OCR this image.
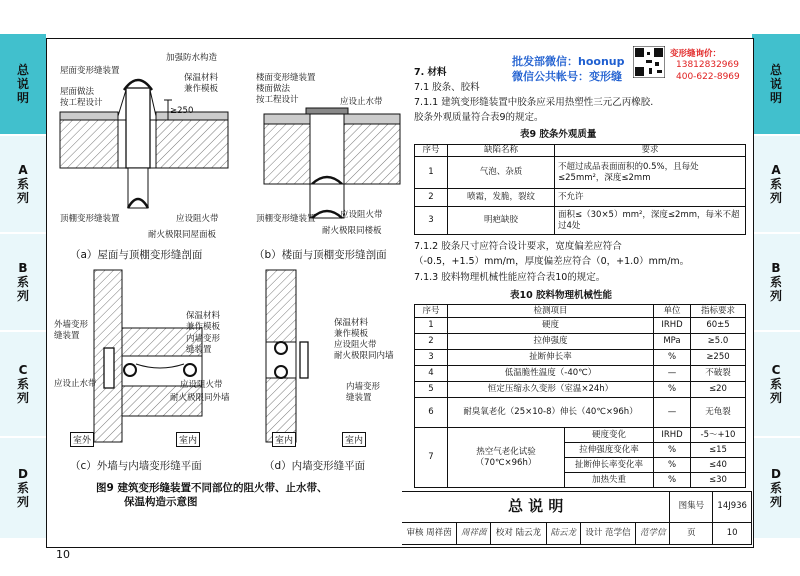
总说明
A系列
B系列
C系列
D系列
总说明
A系列
B系列
C系列
D系列
屋面变形缝装置
屋面做法
按工程设计
加强防水构造
保温材料
兼作模板
顶棚变形缝装置	应设阻火带
耐火极限同屋面板
≥250
（a）屋面与顶棚变形缝剖面
楼面变形缝装置
楼面做法
按工程设计	应设止水带
顶棚变形缝装置	应设阻火带
耐火极限同楼板
（b）楼面与顶棚变形缝剖面
外墙变形
缝装置
应设止水带
保温材料
兼作模板
内墙变形
缝装置
应设阻火带
耐火极限同外墙
室外	室内
（c）外墙与内墙变形缝平面
保温材料
兼作模板
应设阻火带
耐火极限同内墙
内墙变形
缝装置
室内	室内
（d）内墙变形缝平面
图9 建筑变形缝装置不同部位的阻火带、止水带、
保温构造示意图
批发部微信：hoonup
微信公共帐号：变形缝
变形缝询价：
13812832969
400-622-8969
7. 材料
7.1 胶条、胶料
7.1.1 建筑变形缝装置中胶条应采用热塑性三元乙丙橡胶.
胶条外观质量符合表9的规定。
表9 胶条外观质量
序号	缺陷名称	要求
1	气泡、杂质	不超过成品表面面积的0.5%，且每处≤25mm²，深度≤2mm
2	喷霜，发脆，裂纹	不允许
3	明疤缺胶	面积≤（30×5）mm²，深度≤2mm，每米不超过4处
7.1.2 胶条尺寸应符合设计要求，宽度偏差应符合
（-0.5，+1.5）mm/m，厚度偏差应符合（0，+1.0）mm/m。
7.1.3 胶料物理机械性能应符合表10的规定。
表10 胶料物理机械性能
序号	检测项目		单位	指标要求
1	硬度		IRHD	60±5
2	拉伸强度		MPa	≥5.0
3	扯断伸长率		%	≥250
4	低温脆性温度（-40℃）		—	不破裂
5	恒定压缩永久变形（室温×24h）		%	≤20
6	耐臭氧老化（25×10-8）伸长（40℃×96h）		—	无龟裂
7	热空气老化试验（70℃×96h）	硬度变化	IRHD	-5～+10
		拉伸强度变化率	%	≤15
		扯断伸长率变化率	%	≤40
		加热失重	%	≤30
总 说 明						图集号	14J936
审核 周祥茵	周祥茵	校对 陆云龙	陆云龙	设计 范学信	范学信	页	10
10
